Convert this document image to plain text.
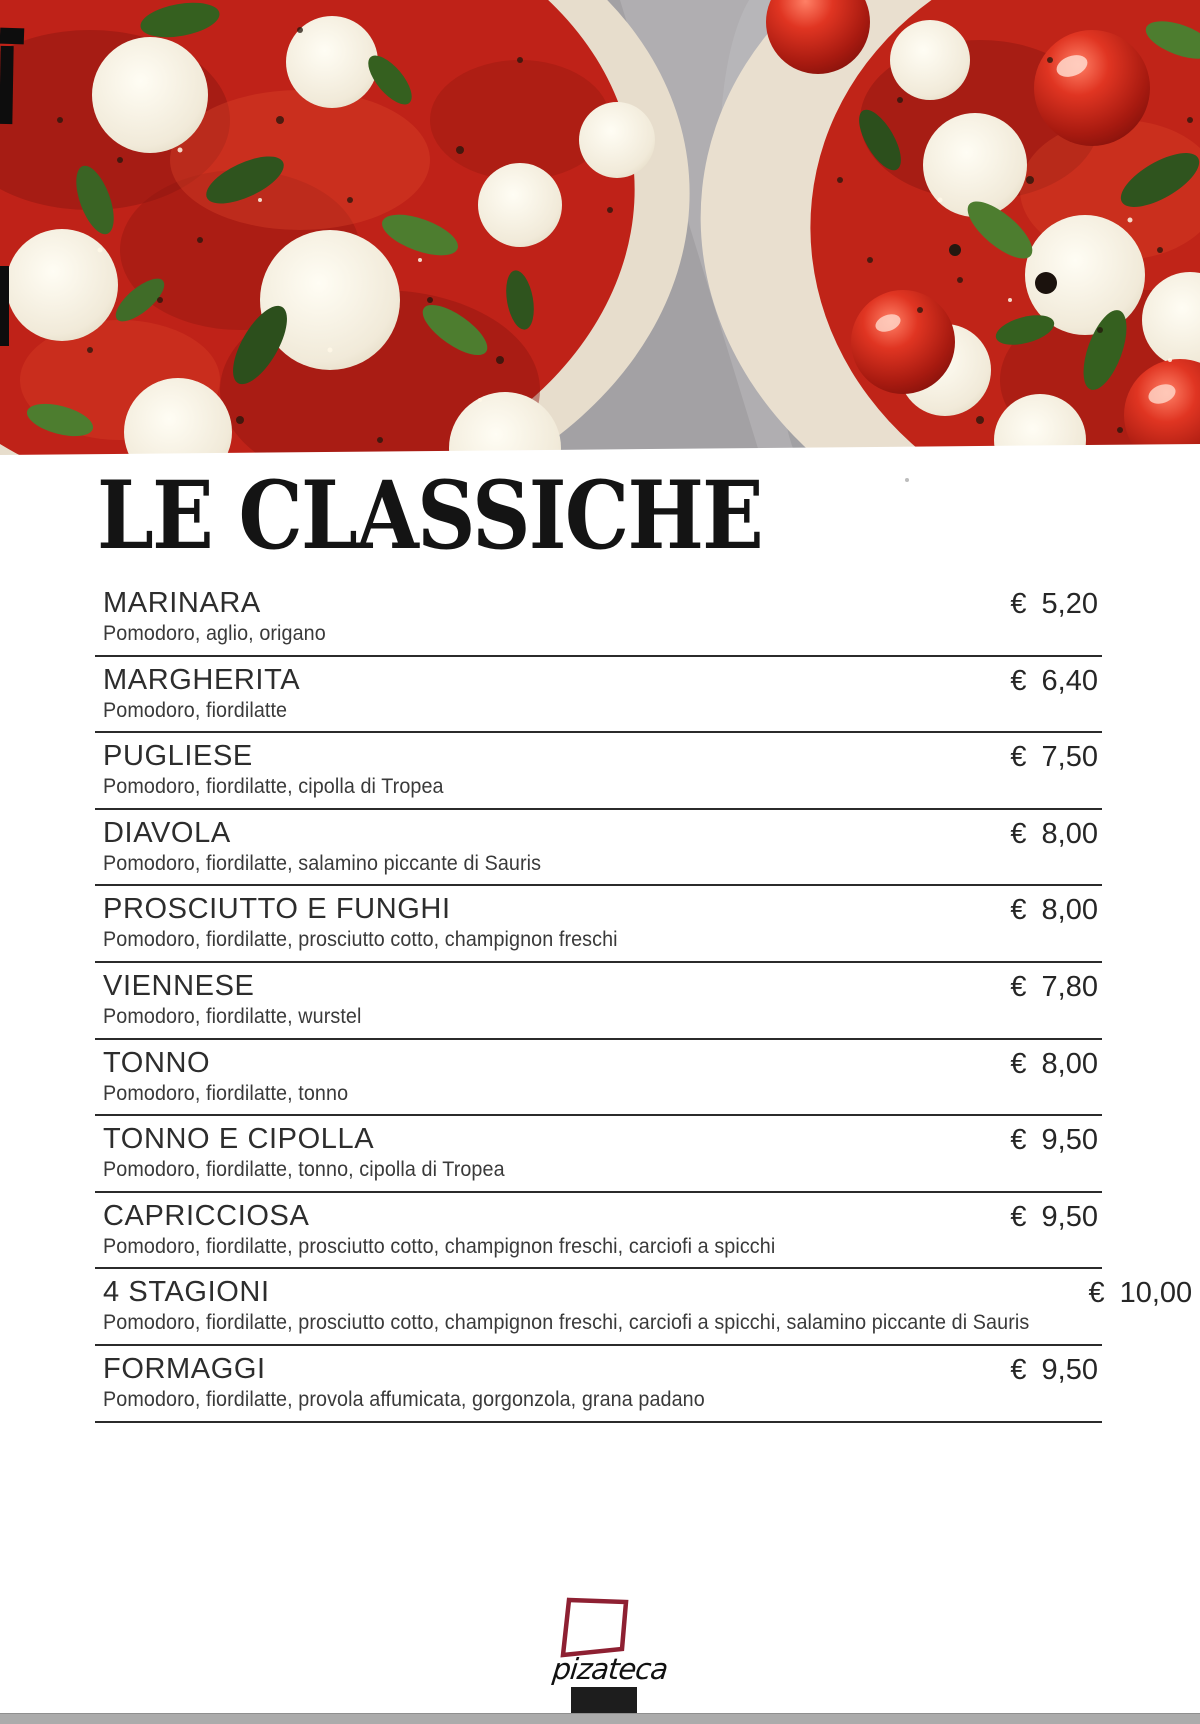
LE CLASSICHE
MARINARA
Pomodoro, aglio, origano
€ 5,20
MARGHERITA
Pomodoro, fiordilatte
€ 6,40
PUGLIESE
Pomodoro, fiordilatte, cipolla di Tropea
€ 7,50
DIAVOLA
Pomodoro, fiordilatte, salamino piccante di Sauris
€ 8,00
PROSCIUTTO E FUNGHI
Pomodoro, fiordilatte, prosciutto cotto, champignon freschi
€ 8,00
VIENNESE
Pomodoro, fiordilatte, wurstel
€ 7,80
TONNO
Pomodoro, fiordilatte, tonno
€ 8,00
TONNO E CIPOLLA
Pomodoro, fiordilatte, tonno, cipolla di Tropea
€ 9,50
CAPRICCIOSA
Pomodoro, fiordilatte, prosciutto cotto, champignon freschi, carciofi a spicchi
€ 9,50
4 STAGIONI
Pomodoro, fiordilatte, prosciutto cotto, champignon freschi, carciofi a spicchi, salamino piccante di Sauris
€ 10,00
FORMAGGI
Pomodoro, fiordilatte, provola affumicata, gorgonzola, grana padano
€ 9,50
pizateca
